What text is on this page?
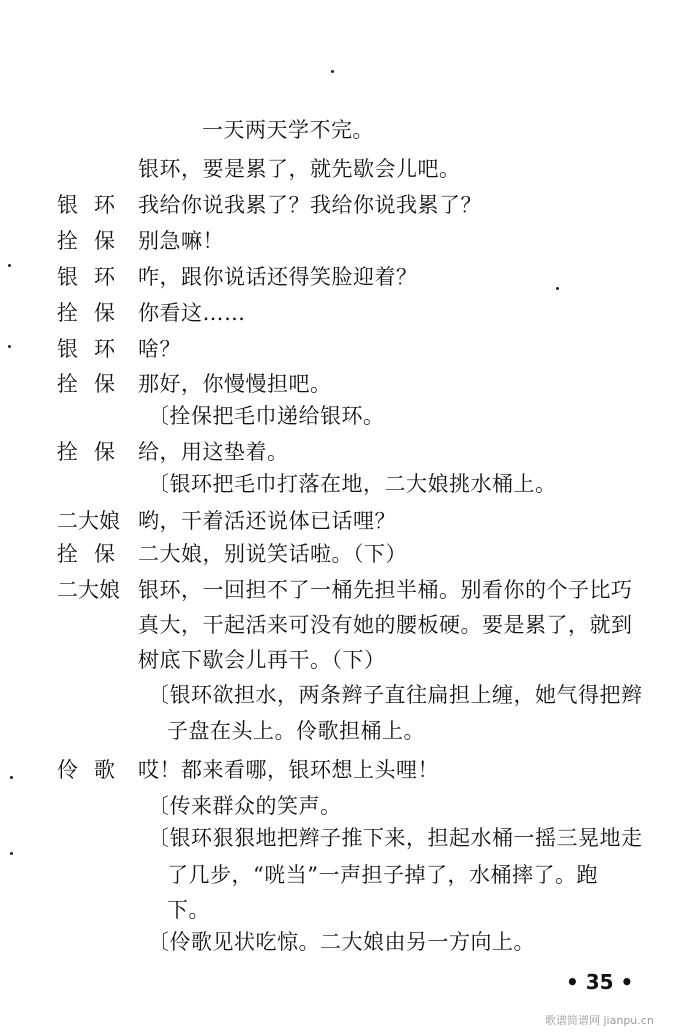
一天两天学不完。
银环，要是累了，就先歇会儿吧。
银环 我给你说我累了？我给你说我累了？
拴保 别急嘛！
银环 咋，跟你说话还得笑脸迎着？
拴保 你看这……
银环 啥？
拴保 那好，你慢慢担吧。
〔拴保把毛巾递给银环。
拴保 给，用这垫着。
〔银环把毛巾打落在地，二大娘挑水桶上。
二大娘 哟，干着活还说体已话哩？
拴保 二大娘，别说笑话啦。（下）
二大娘 银环，一回担不了一桶先担半桶。别看你的个子比巧
真大，干起活来可没有她的腰板硬。要是累了，就到
树底下歇会儿再干。（下）
〔银环欲担水，两条辫子直往扁担上缠，她气得把辫
子盘在头上。伶歌担桶上。
伶歌 哎！都来看哪，银环想上头哩！
〔传来群众的笑声。
〔银环狠狠地把辫子推下来，担起水桶一摇三晃地走
了几步，“咣当”一声担子掉了，水桶摔了。跑
下。
〔伶歌见状吃惊。二大娘由另一方向上。
• 35 •
歌谱简谱网 jianpu.cn
